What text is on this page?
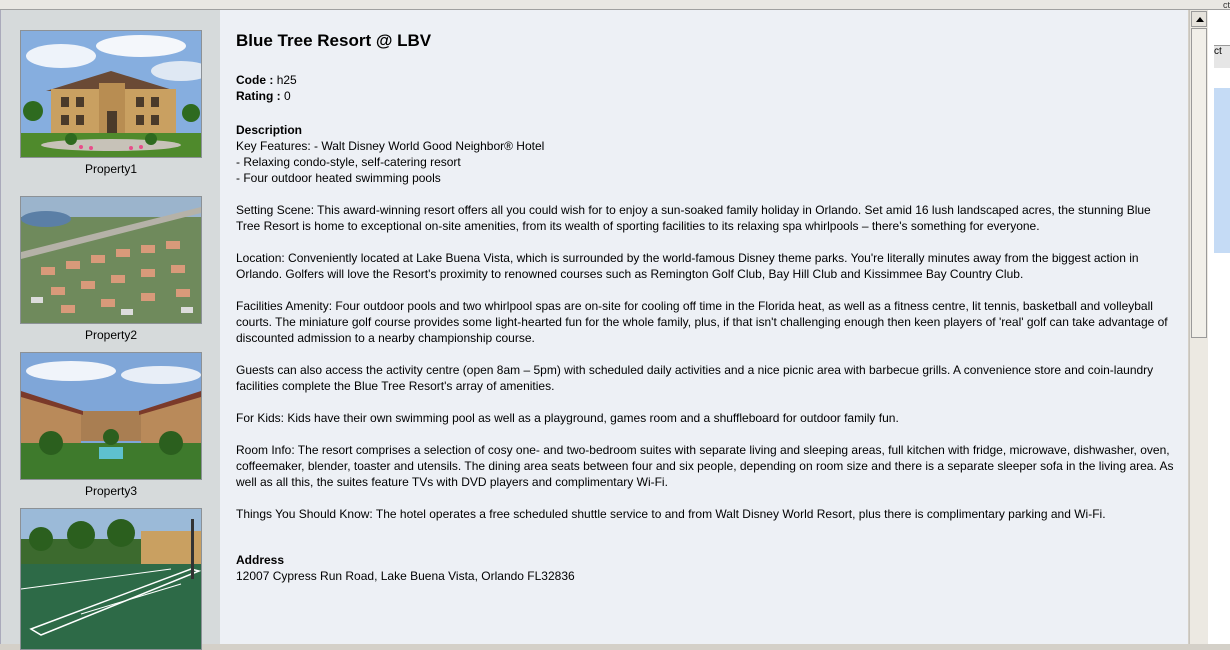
ct
Property1
Property2
Property3
Blue Tree Resort @ LBV
Code : h25
Rating : 0
Description
Key Features: - Walt Disney World Good Neighbor® Hotel
- Relaxing condo-style, self-catering resort
- Four outdoor heated swimming pools
Setting Scene: This award-winning resort offers all you could wish for to enjoy a sun-soaked family holiday in Orlando. Set amid 16 lush landscaped acres, the stunning Blue Tree Resort is home to exceptional on-site amenities, from its wealth of sporting facilities to its relaxing spa whirlpools – there's something for everyone.
Location: Conveniently located at Lake Buena Vista, which is surrounded by the world-famous Disney theme parks. You're literally minutes away from the biggest action in Orlando. Golfers will love the Resort's proximity to renowned courses such as Remington Golf Club, Bay Hill Club and Kissimmee Bay Country Club.
Facilities Amenity: Four outdoor pools and two whirlpool spas are on-site for cooling off time in the Florida heat, as well as a fitness centre, lit tennis, basketball and volleyball courts. The miniature golf course provides some light-hearted fun for the whole family, plus, if that isn't challenging enough then keen players of 'real' golf can take advantage of discounted admission to a nearby championship course.
Guests can also access the activity centre (open 8am – 5pm) with scheduled daily activities and a nice picnic area with barbecue grills. A convenience store and coin-laundry facilities complete the Blue Tree Resort's array of amenities.
For Kids: Kids have their own swimming pool as well as a playground, games room and a shuffleboard for outdoor family fun.
Room Info: The resort comprises a selection of cosy one- and two-bedroom suites with separate living and sleeping areas, full kitchen with fridge, microwave, dishwasher, oven, coffeemaker, blender, toaster and utensils. The dining area seats between four and six people, depending on room size and there is a separate sleeper sofa in the living area. As well as all this, the suites feature TVs with DVD players and complimentary Wi-Fi.
Things You Should Know: The hotel operates a free scheduled shuttle service to and from Walt Disney World Resort, plus there is complimentary parking and Wi-Fi.
Address
12007 Cypress Run Road, Lake Buena Vista, Orlando FL32836
ct
